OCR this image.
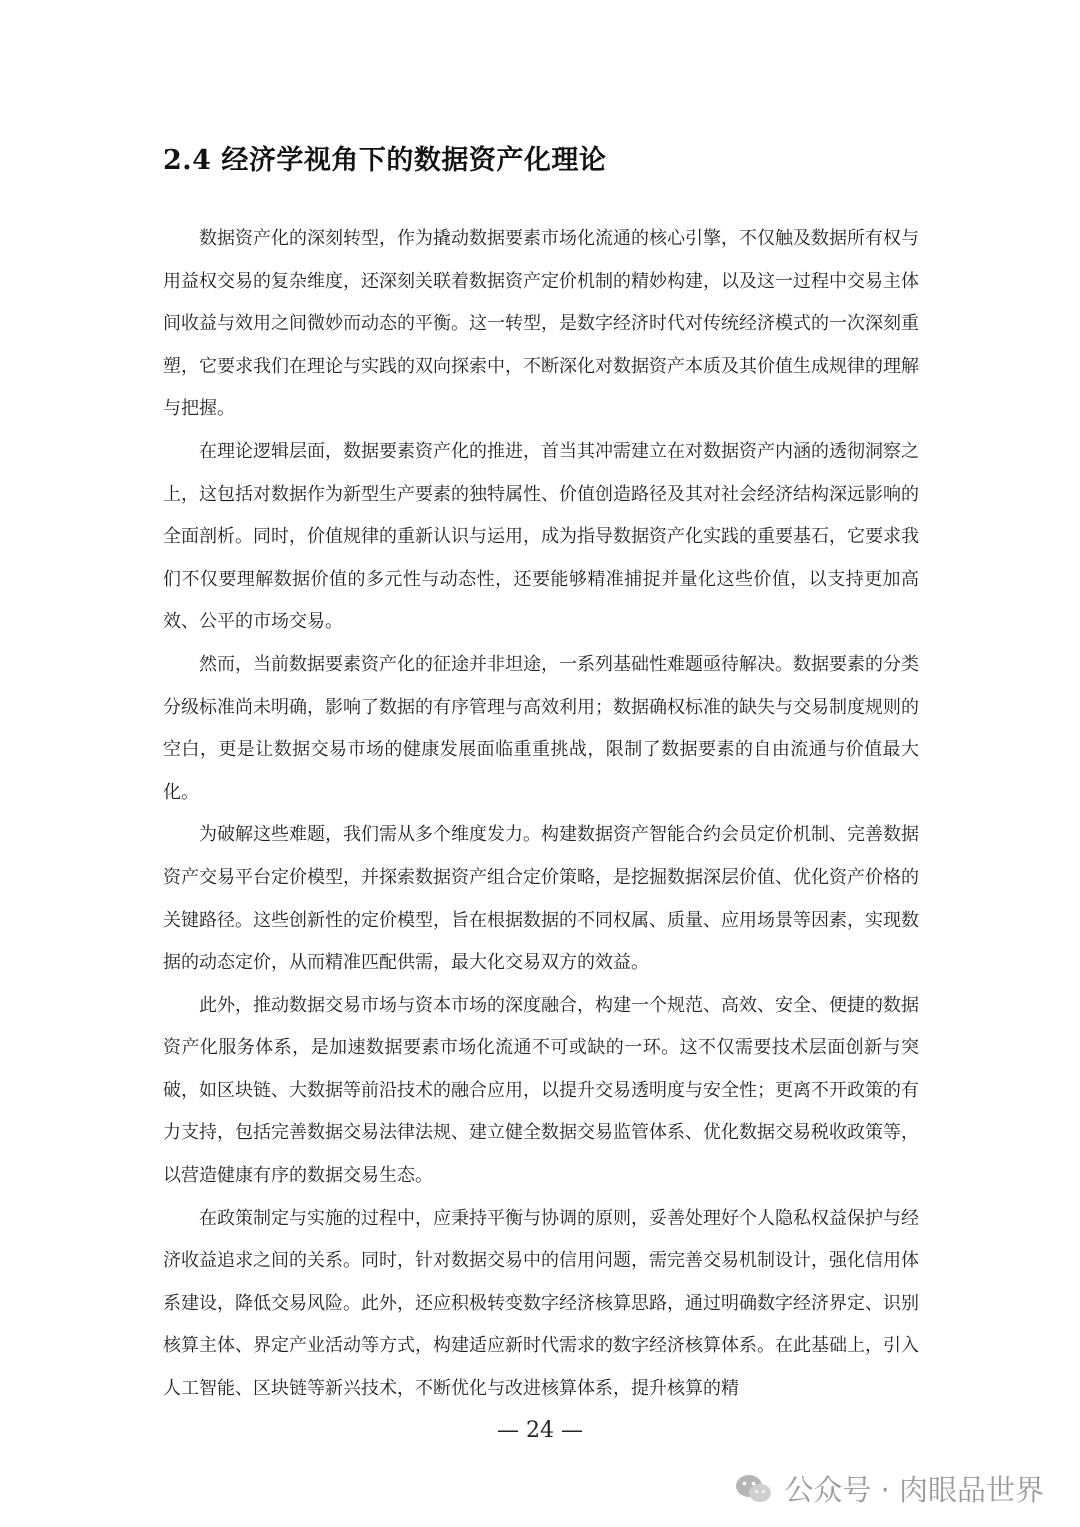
2.4 经济学视角下的数据资产化理论

数据资产化的深刻转型，作为撬动数据要素市场化流通的核心引擎，不仅触及数据所有权与用益权交易的复杂维度，还深刻关联着数据资产定价机制的精妙构建，以及这一过程中交易主体间收益与效用之间微妙而动态的平衡。这一转型，是数字经济时代对传统经济模式的一次深刻重塑，它要求我们在理论与实践的双向探索中，不断深化对数据资产本质及其价值生成规律的理解与把握。

在理论逻辑层面，数据要素资产化的推进，首当其冲需建立在对数据资产内涵的透彻洞察之上，这包括对数据作为新型生产要素的独特属性、价值创造路径及其对社会经济结构深远影响的全面剖析。同时，价值规律的重新认识与运用，成为指导数据资产化实践的重要基石，它要求我们不仅要理解数据价值的多元性与动态性，还要能够精准捕捉并量化这些价值，以支持更加高效、公平的市场交易。

然而，当前数据要素资产化的征途并非坦途，一系列基础性难题亟待解决。数据要素的分类分级标准尚未明确，影响了数据的有序管理与高效利用；数据确权标准的缺失与交易制度规则的空白，更是让数据交易市场的健康发展面临重重挑战，限制了数据要素的自由流通与价值最大化。

为破解这些难题，我们需从多个维度发力。构建数据资产智能合约会员定价机制、完善数据资产交易平台定价模型，并探索数据资产组合定价策略，是挖掘数据深层价值、优化资产价格的关键路径。这些创新性的定价模型，旨在根据数据的不同权属、质量、应用场景等因素，实现数据的动态定价，从而精准匹配供需，最大化交易双方的效益。

此外，推动数据交易市场与资本市场的深度融合，构建一个规范、高效、安全、便捷的数据资产化服务体系，是加速数据要素市场化流通不可或缺的一环。这不仅需要技术层面创新与突破，如区块链、大数据等前沿技术的融合应用，以提升交易透明度与安全性；更离不开政策的有力支持，包括完善数据交易法律法规、建立健全数据交易监管体系、优化数据交易税收政策等，以营造健康有序的数据交易生态。

在政策制定与实施的过程中，应秉持平衡与协调的原则，妥善处理好个人隐私权益保护与经济收益追求之间的关系。同时，针对数据交易中的信用问题，需完善交易机制设计，强化信用体系建设，降低交易风险。此外，还应积极转变数字经济核算思路，通过明确数字经济界定、识别核算主体、界定产业活动等方式，构建适应新时代需求的数字经济核算体系。在此基础上，引入人工智能、区块链等新兴技术，不断优化与改进核算体系，提升核算的精

— 24 —
公众号 · 肉眼品世界
